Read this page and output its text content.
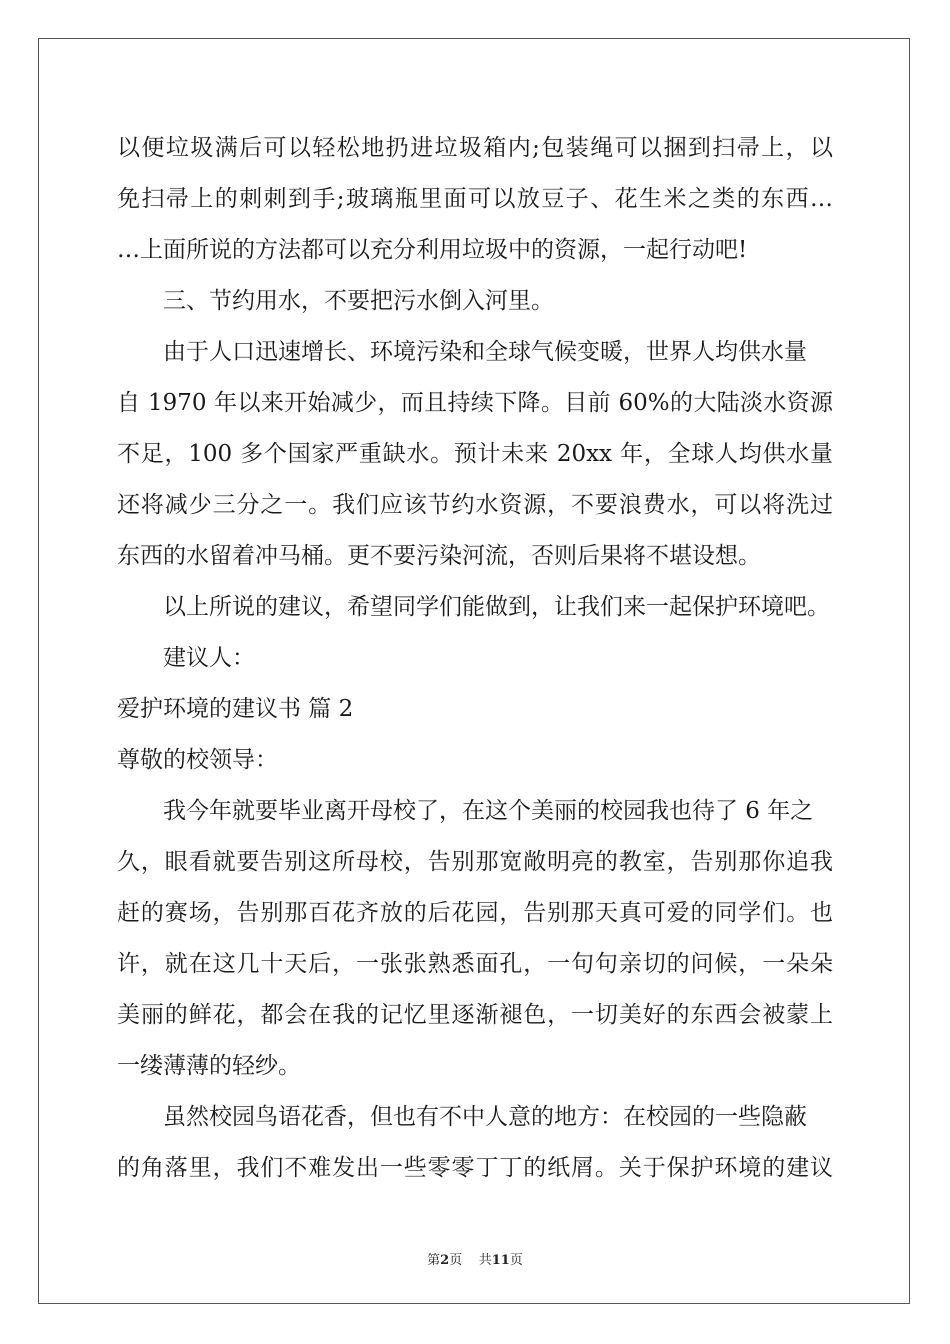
以便垃圾满后可以轻松地扔进垃圾箱内;包装绳可以捆到扫帚上，以
免扫帚上的刺刺到手;玻璃瓶里面可以放豆子、花生米之类的东西…
…上面所说的方法都可以充分利用垃圾中的资源，一起行动吧!
三、节约用水，不要把污水倒入河里。
由于人口迅速增长、环境污染和全球气候变暖，世界人均供水量
自 1970 年以来开始减少，而且持续下降。目前 60%的大陆淡水资源
不足，100 多个国家严重缺水。预计未来 20xx 年，全球人均供水量
还将减少三分之一。我们应该节约水资源，不要浪费水，可以将洗过
东西的水留着冲马桶。更不要污染河流，否则后果将不堪设想。
以上所说的建议，希望同学们能做到，让我们来一起保护环境吧。
建议人：
爱护环境的建议书 篇 2
尊敬的校领导：
我今年就要毕业离开母校了，在这个美丽的校园我也待了 6 年之
久，眼看就要告别这所母校，告别那宽敞明亮的教室，告别那你追我
赶的赛场，告别那百花齐放的后花园，告别那天真可爱的同学们。也
许，就在这几十天后，一张张熟悉面孔，一句句亲切的问候，一朵朵
美丽的鲜花，都会在我的记忆里逐渐褪色，一切美好的东西会被蒙上
一缕薄薄的轻纱。
虽然校园鸟语花香，但也有不中人意的地方：在校园的一些隐蔽
的角落里，我们不难发出一些零零丁丁的纸屑。关于保护环境的建议
第2页 共11页
